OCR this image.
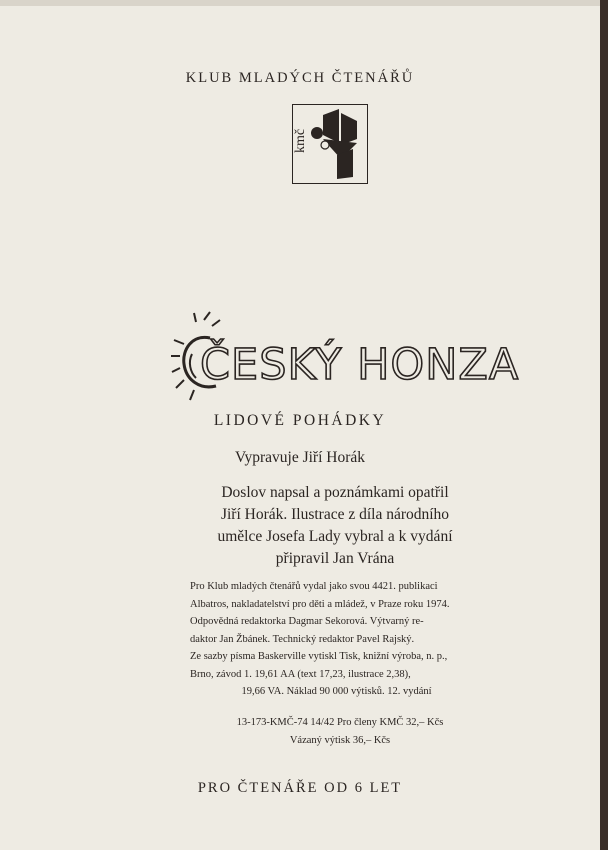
KLUB MLADÝCH ČTENÁŘŮ
kmč
ČESKÝ HONZA
LIDOVÉ POHÁDKY
Vypravuje Jiří Horák
Doslov napsal a poznámkami opatřil
Jiří Horák. Ilustrace z díla národního
umělce Josefa Lady vybral a k vydání
připravil Jan Vrána
Pro Klub mladých čtenářů vydal jako svou 4421. publikaci
Albatros, nakladatelství pro děti a mládež, v Praze roku 1974.
Odpovědná redaktorka Dagmar Sekorová. Výtvarný re-
daktor Jan Žbánek. Technický redaktor Pavel Rajský.
Ze sazby písma Baskerville vytiskl Tisk, knižní výroba, n. p.,
Brno, závod 1. 19,61 AA (text 17,23, ilustrace 2,38),
19,66 VA. Náklad 90 000 výtisků. 12. vydání
13-173-KMČ-74 14/42 Pro členy KMČ 32,– Kčs
Vázaný výtisk 36,– Kčs
PRO ČTENÁŘE OD 6 LET
